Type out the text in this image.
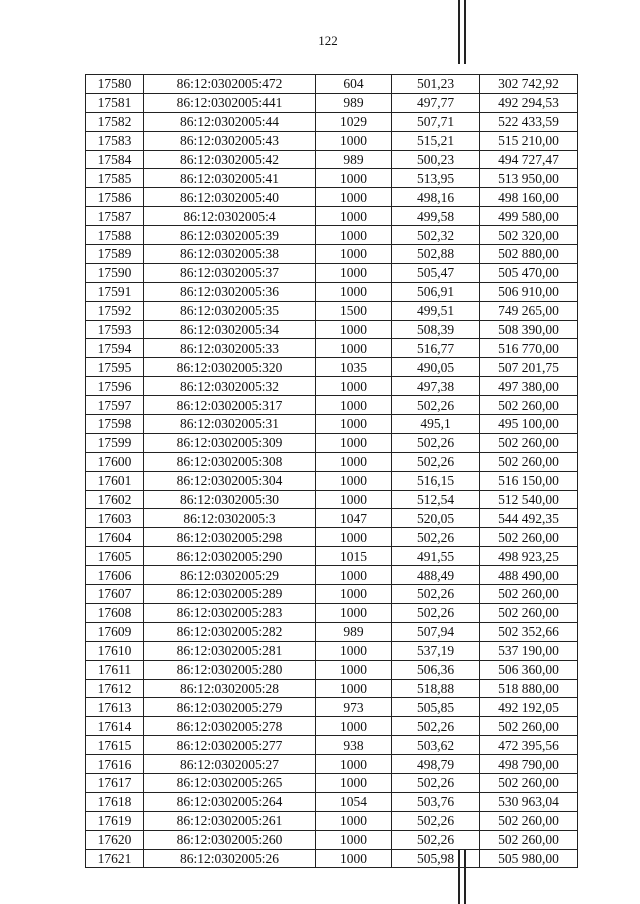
122
17580	86:12:0302005:472	604	501,23	302 742,92
17581	86:12:0302005:441	989	497,77	492 294,53
17582	86:12:0302005:44	1029	507,71	522 433,59
17583	86:12:0302005:43	1000	515,21	515 210,00
17584	86:12:0302005:42	989	500,23	494 727,47
17585	86:12:0302005:41	1000	513,95	513 950,00
17586	86:12:0302005:40	1000	498,16	498 160,00
17587	86:12:0302005:4	1000	499,58	499 580,00
17588	86:12:0302005:39	1000	502,32	502 320,00
17589	86:12:0302005:38	1000	502,88	502 880,00
17590	86:12:0302005:37	1000	505,47	505 470,00
17591	86:12:0302005:36	1000	506,91	506 910,00
17592	86:12:0302005:35	1500	499,51	749 265,00
17593	86:12:0302005:34	1000	508,39	508 390,00
17594	86:12:0302005:33	1000	516,77	516 770,00
17595	86:12:0302005:320	1035	490,05	507 201,75
17596	86:12:0302005:32	1000	497,38	497 380,00
17597	86:12:0302005:317	1000	502,26	502 260,00
17598	86:12:0302005:31	1000	495,1	495 100,00
17599	86:12:0302005:309	1000	502,26	502 260,00
17600	86:12:0302005:308	1000	502,26	502 260,00
17601	86:12:0302005:304	1000	516,15	516 150,00
17602	86:12:0302005:30	1000	512,54	512 540,00
17603	86:12:0302005:3	1047	520,05	544 492,35
17604	86:12:0302005:298	1000	502,26	502 260,00
17605	86:12:0302005:290	1015	491,55	498 923,25
17606	86:12:0302005:29	1000	488,49	488 490,00
17607	86:12:0302005:289	1000	502,26	502 260,00
17608	86:12:0302005:283	1000	502,26	502 260,00
17609	86:12:0302005:282	989	507,94	502 352,66
17610	86:12:0302005:281	1000	537,19	537 190,00
17611	86:12:0302005:280	1000	506,36	506 360,00
17612	86:12:0302005:28	1000	518,88	518 880,00
17613	86:12:0302005:279	973	505,85	492 192,05
17614	86:12:0302005:278	1000	502,26	502 260,00
17615	86:12:0302005:277	938	503,62	472 395,56
17616	86:12:0302005:27	1000	498,79	498 790,00
17617	86:12:0302005:265	1000	502,26	502 260,00
17618	86:12:0302005:264	1054	503,76	530 963,04
17619	86:12:0302005:261	1000	502,26	502 260,00
17620	86:12:0302005:260	1000	502,26	502 260,00
17621	86:12:0302005:26	1000	505,98	505 980,00
